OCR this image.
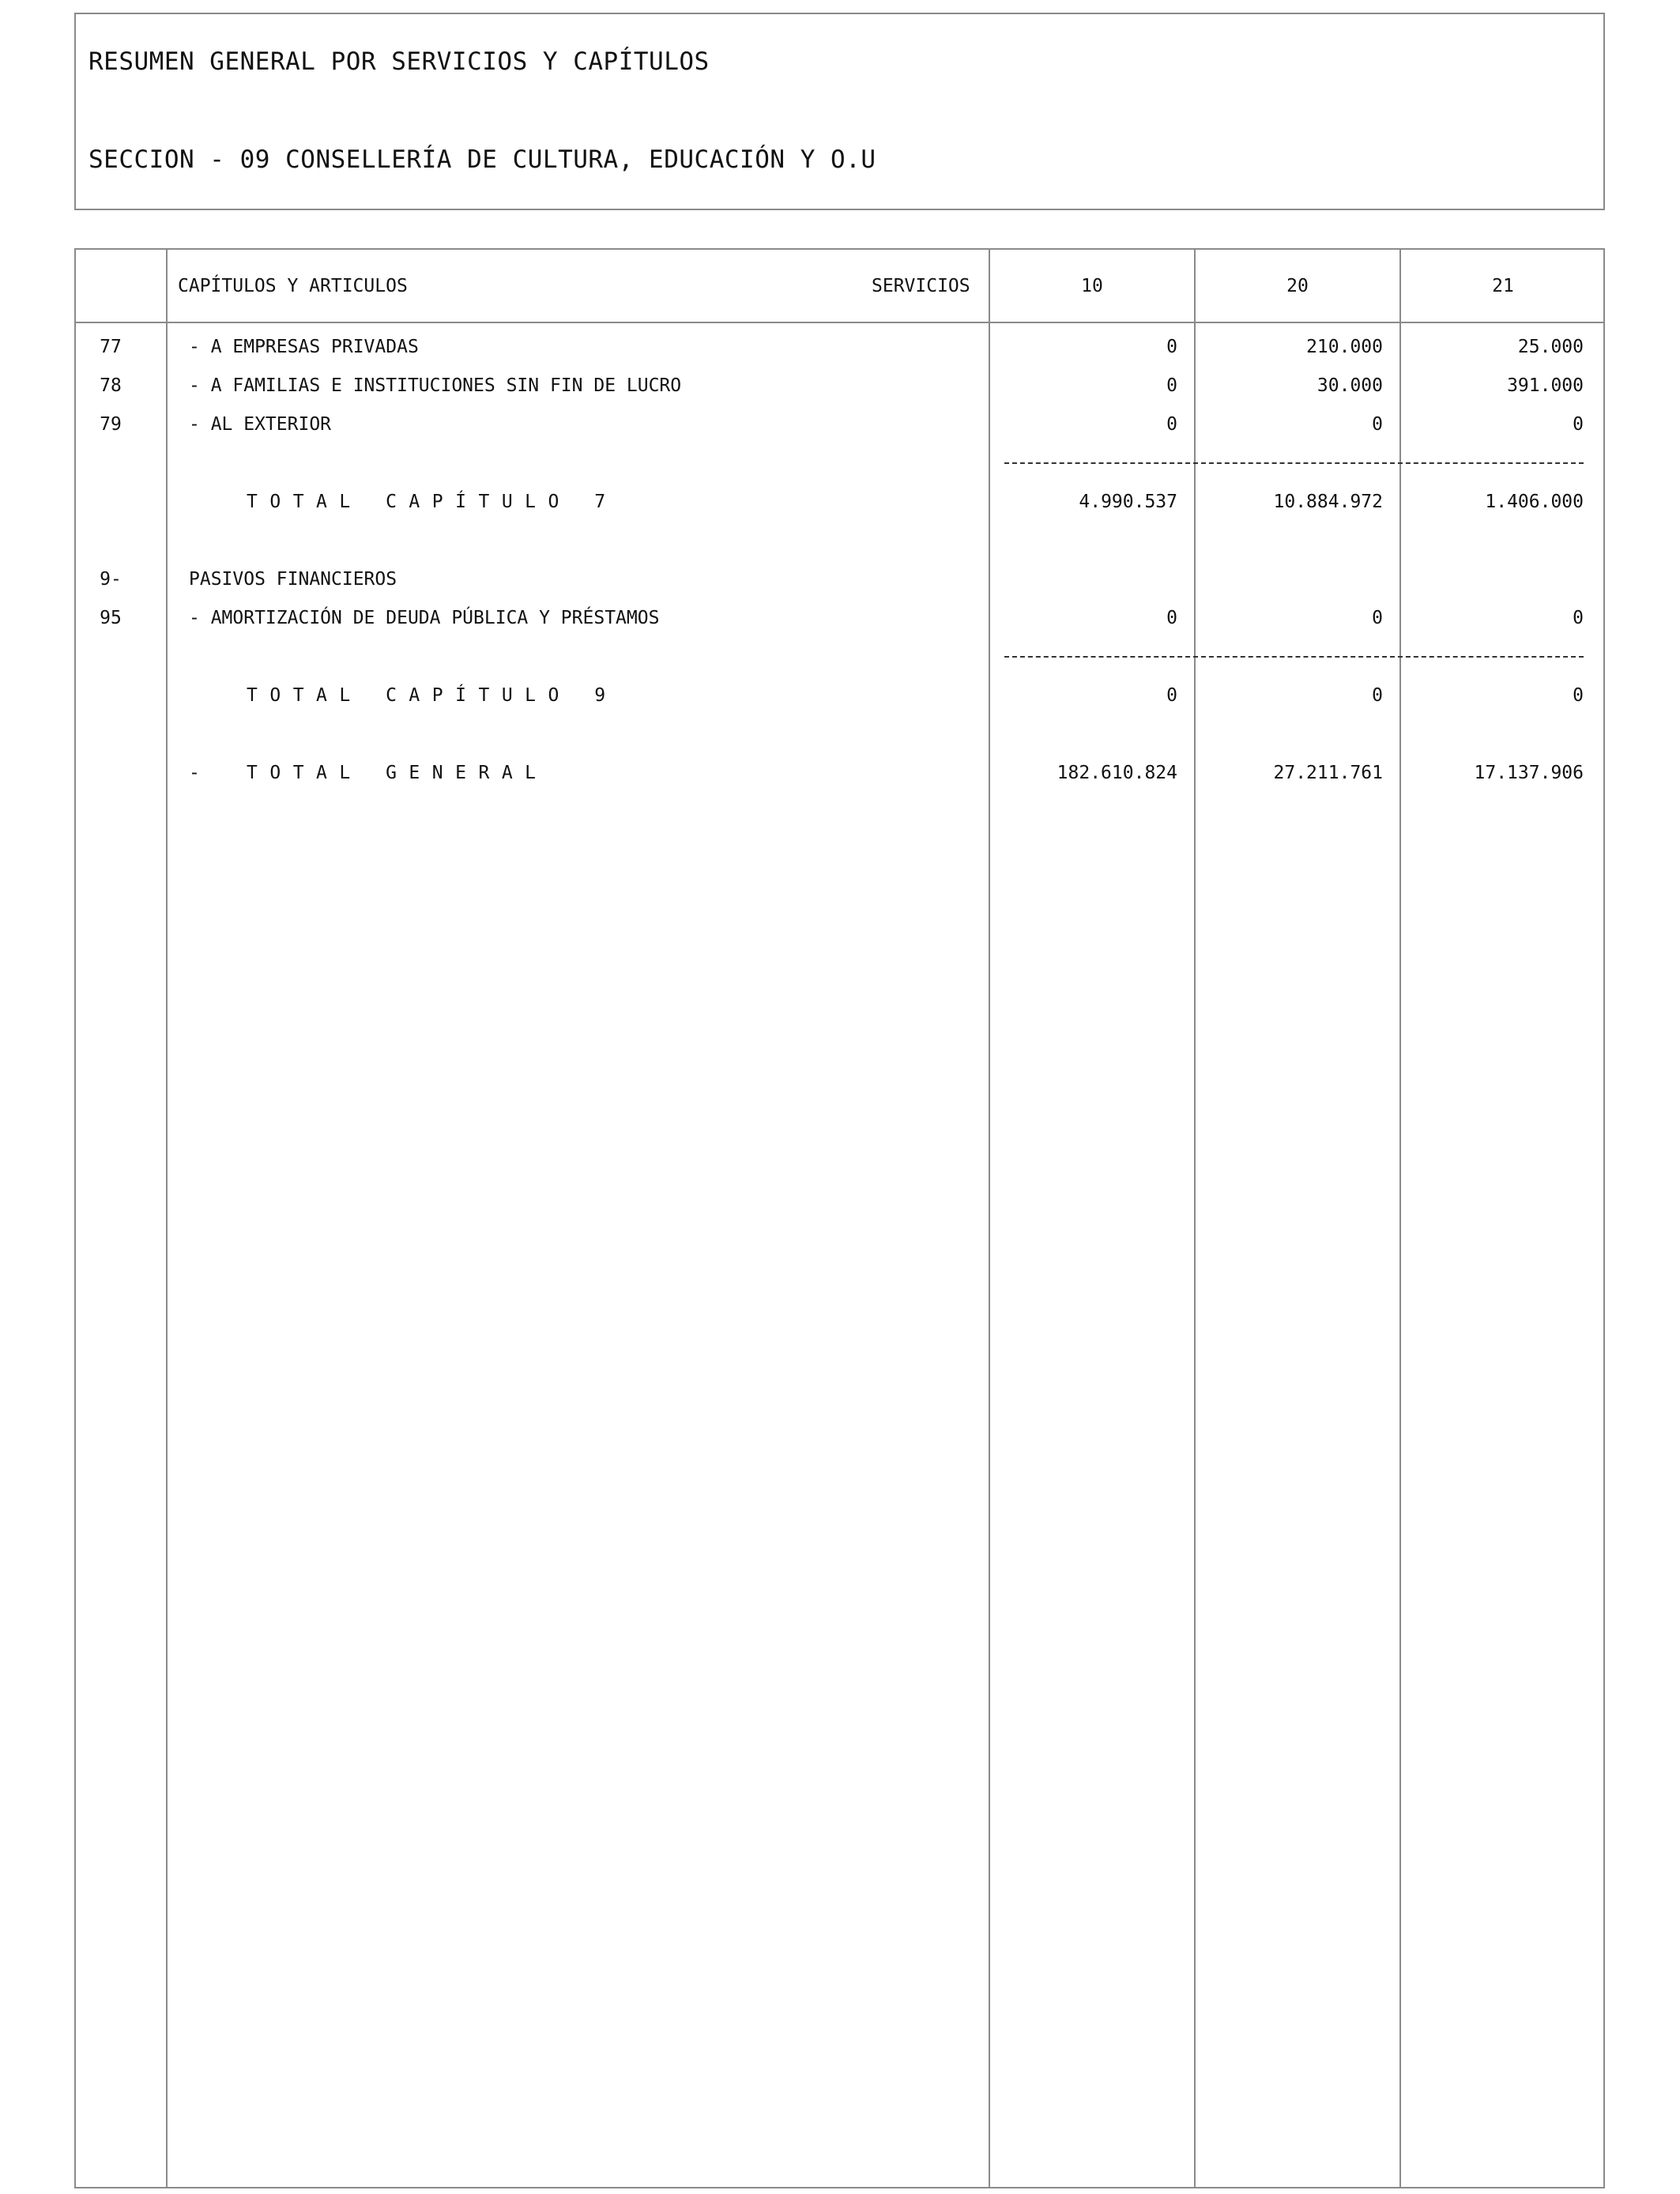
RESUMEN GENERAL POR SERVICIOS Y CAPÍTULOS
SECCION - 09 CONSELLERÍA DE CULTURA, EDUCACIÓN Y O.U
CAPÍTULOS Y ARTICULOS	SERVICIOS	10	20	21
77	- A EMPRESAS PRIVADAS	0	210.000	25.000
78	- A FAMILIAS E INSTITUCIONES SIN FIN DE LUCRO	0	30.000	391.000
79	- AL EXTERIOR	0	0	0
TOTAL CAPÍTULO 7	4.990.537	10.884.972	1.406.000
9-	PASIVOS FINANCIEROS
95	- AMORTIZACIÓN DE DEUDA PÚBLICA Y PRÉSTAMOS	0	0	0
TOTAL CAPÍTULO 9	0	0	0
-	TOTAL GENERAL	182.610.824	27.211.761	17.137.906
